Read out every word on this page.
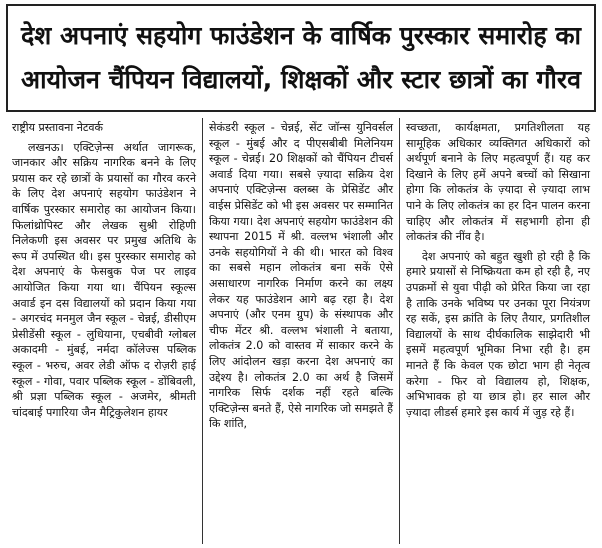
देश अपनाएं सहयोग फाउंडेशन के वार्षिक पुरस्कार समारोह का
आयोजन चैंपियन विद्यालयों, शिक्षकों और स्टार छात्रों का गौरव
राष्ट्रीय प्रस्तावना नेटवर्क

लखनऊ। एक्टिज़ेन्स अर्थात जागरूक, जानकार और सक्रिय नागरिक बनने के लिए प्रयास कर रहे छात्रों के प्रयासों का गौरव करने के लिए देश अपनाएं सहयोग फाउंडेशन ने वार्षिक पुरस्कार समारोह का आयोजन किया। फिलांथ्रोपिस्ट और लेखक सुश्री रोहिणी निलेकणी इस अवसर पर प्रमुख अतिथि के रूप में उपस्थित थी। इस पुरस्कार समारोह को देश अपनाएं के फेसबुक पेज पर लाइव आयोजित किया गया था। चैंपियन स्कूल्स अवार्ड इन दस विद्यालयों को प्रदान किया गया - अगरचंद मनमुल जैन स्कूल - चेन्नई, डीसीएम प्रेसीडेंसी स्कूल - लुधियाना, एचबीवी ग्लोबल अकादमी - मुंबई, नर्मदा कॉलेज्स पब्लिक स्कूल - भरुच, अवर लेडी ऑफ द रोज़री हाई स्कूल - गोवा, पवार पब्लिक स्कूल - डोंबिवली, श्री प्रज्ञा पब्लिक स्कूल - अजमेर, श्रीमती चांदबाई पगारिया जैन मैट्रिकुलेशन हायर

सेकंडरी स्कूल - चेन्नई, सेंट जॉन्स युनिवर्सल स्कूल - मुंबई और द पीएसबीबी मिलेनियम स्कूल - चेन्नई। 20 शिक्षकों को चैंपियन टीचर्स अवार्ड दिया गया। सबसे ज़्यादा सक्रिय देश अपनाएं एक्टिज़ेन्स क्लब्स के प्रेसिडेंट और वाईस प्रेसिडेंट को भी इस अवसर पर सम्मानित किया गया। देश अपनाएं सहयोग फाउंडेशन की स्थापना 2015 में श्री. वल्लभ भंशाली और उनके सहयोगियों ने की थी। भारत को विश्व का सबसे महान लोकतंत्र बना सकें ऐसे असाधारण नागरिक निर्माण करने का लक्ष्य लेकर यह फाउंडेशन आगे बढ़ रहा है। देश अपनाएं (और एनम ग्रुप) के संस्थापक और चीफ मेंटर श्री. वल्लभ भंशाली ने बताया, लोकतंत्र 2.0 को वास्तव में साकार करने के लिए आंदोलन खड़ा करना देश अपनाएं का उद्देश्य है। लोकतंत्र 2.0 का अर्थ है जिसमें नागरिक सिर्फ दर्शक नहीं रहते बल्कि एक्टिज़ेन्स बनते हैं, ऐसे नागरिक जो समझते हैं कि शांति,

स्वच्छता, कार्यक्षमता, प्रगतिशीलता यह सामूहिक अधिकार व्यक्तिगत अधिकारों को अर्थपूर्ण बनाने के लिए महत्वपूर्ण हैं। यह कर दिखाने के लिए हमें अपने बच्चों को सिखाना होगा कि लोकतंत्र के ज़्यादा से ज़्यादा लाभ पाने के लिए लोकतंत्र का हर दिन पालन करना चाहिए और लोकतंत्र में सहभागी होना ही लोकतंत्र की नींव है।

देश अपनाएं को बहुत खुशी हो रही है कि हमारे प्रयासों से निष्क्रियता कम हो रही है, नए उपक्रमों से युवा पीढ़ी को प्रेरित किया जा रहा है ताकि उनके भविष्य पर उनका पूरा नियंत्रण रह सकें, इस क्रांति के लिए तैयार, प्रगतिशील विद्यालयों के साथ दीर्घकालिक साझेदारी भी इसमें महत्वपूर्ण भूमिका निभा रही है। हम मानते हैं कि केवल एक छोटा भाग ही नेतृत्व करेगा - फिर वो विद्यालय हो, शिक्षक, अभिभावक हो या छात्र हो। हर साल और ज़्यादा लीडर्स हमारे इस कार्य में जुड़ रहे हैं।
